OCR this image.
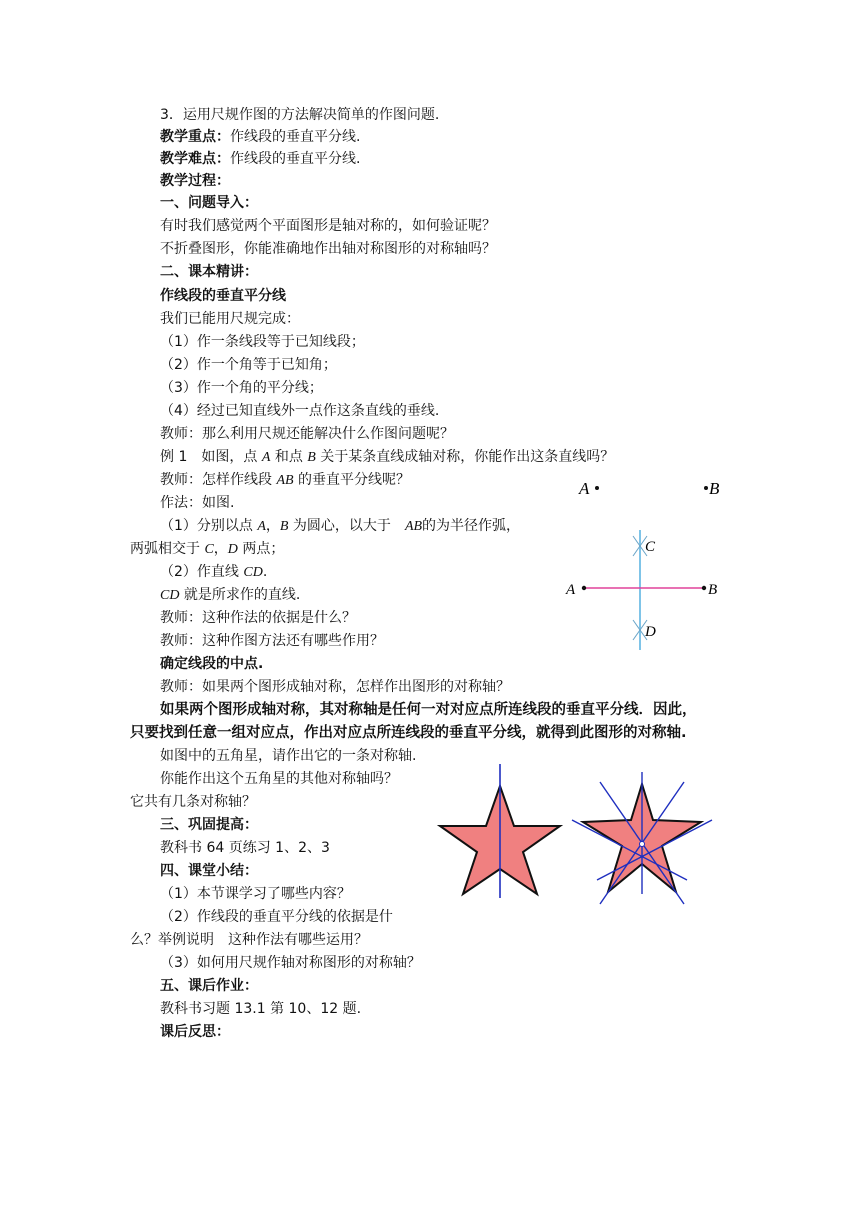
3．运用尺规作图的方法解决简单的作图问题.
教学重点：作线段的垂直平分线.
教学难点：作线段的垂直平分线.
教学过程：
一、问题导入：
有时我们感觉两个平面图形是轴对称的，如何验证呢？
不折叠图形，你能准确地作出轴对称图形的对称轴吗？
二、课本精讲：
作线段的垂直平分线
我们已能用尺规完成：
（1）作一条线段等于已知线段；
（2）作一个角等于已知角；
（3）作一个角的平分线；
（4）经过已知直线外一点作这条直线的垂线.
教师：那么利用尺规还能解决什么作图问题呢？
例 1　如图，点 A 和点 B 关于某条直线成轴对称，你能作出这条直线吗？
教师：怎样作线段 AB 的垂直平分线呢？
作法：如图.
（1）分别以点 A，B 为圆心，以大于　AB的为半径作弧，
两弧相交于 C，D 两点；
（2）作直线 CD.
CD 就是所求作的直线.
教师：这种作法的依据是什么？
教师：这种作图方法还有哪些作用？
确定线段的中点.
教师：如果两个图形成轴对称，怎样作出图形的对称轴？
如果两个图形成轴对称，其对称轴是任何一对对应点所连线段的垂直平分线．因此，
只要找到任意一组对应点，作出对应点所连线段的垂直平分线，就得到此图形的对称轴.
如图中的五角星，请作出它的一条对称轴.
你能作出这个五角星的其他对称轴吗？
它共有几条对称轴？
三、巩固提高：
教科书 64 页练习 1、2、3
四、课堂小结：
（1）本节课学习了哪些内容？
（2）作线段的垂直平分线的依据是什
么？举例说明　这种作法有哪些运用？
（3）如何用尺规作轴对称图形的对称轴？
五、课后作业：
教科书习题 13.1 第 10、12 题.
课后反思：
A	B
A	B
C
D
